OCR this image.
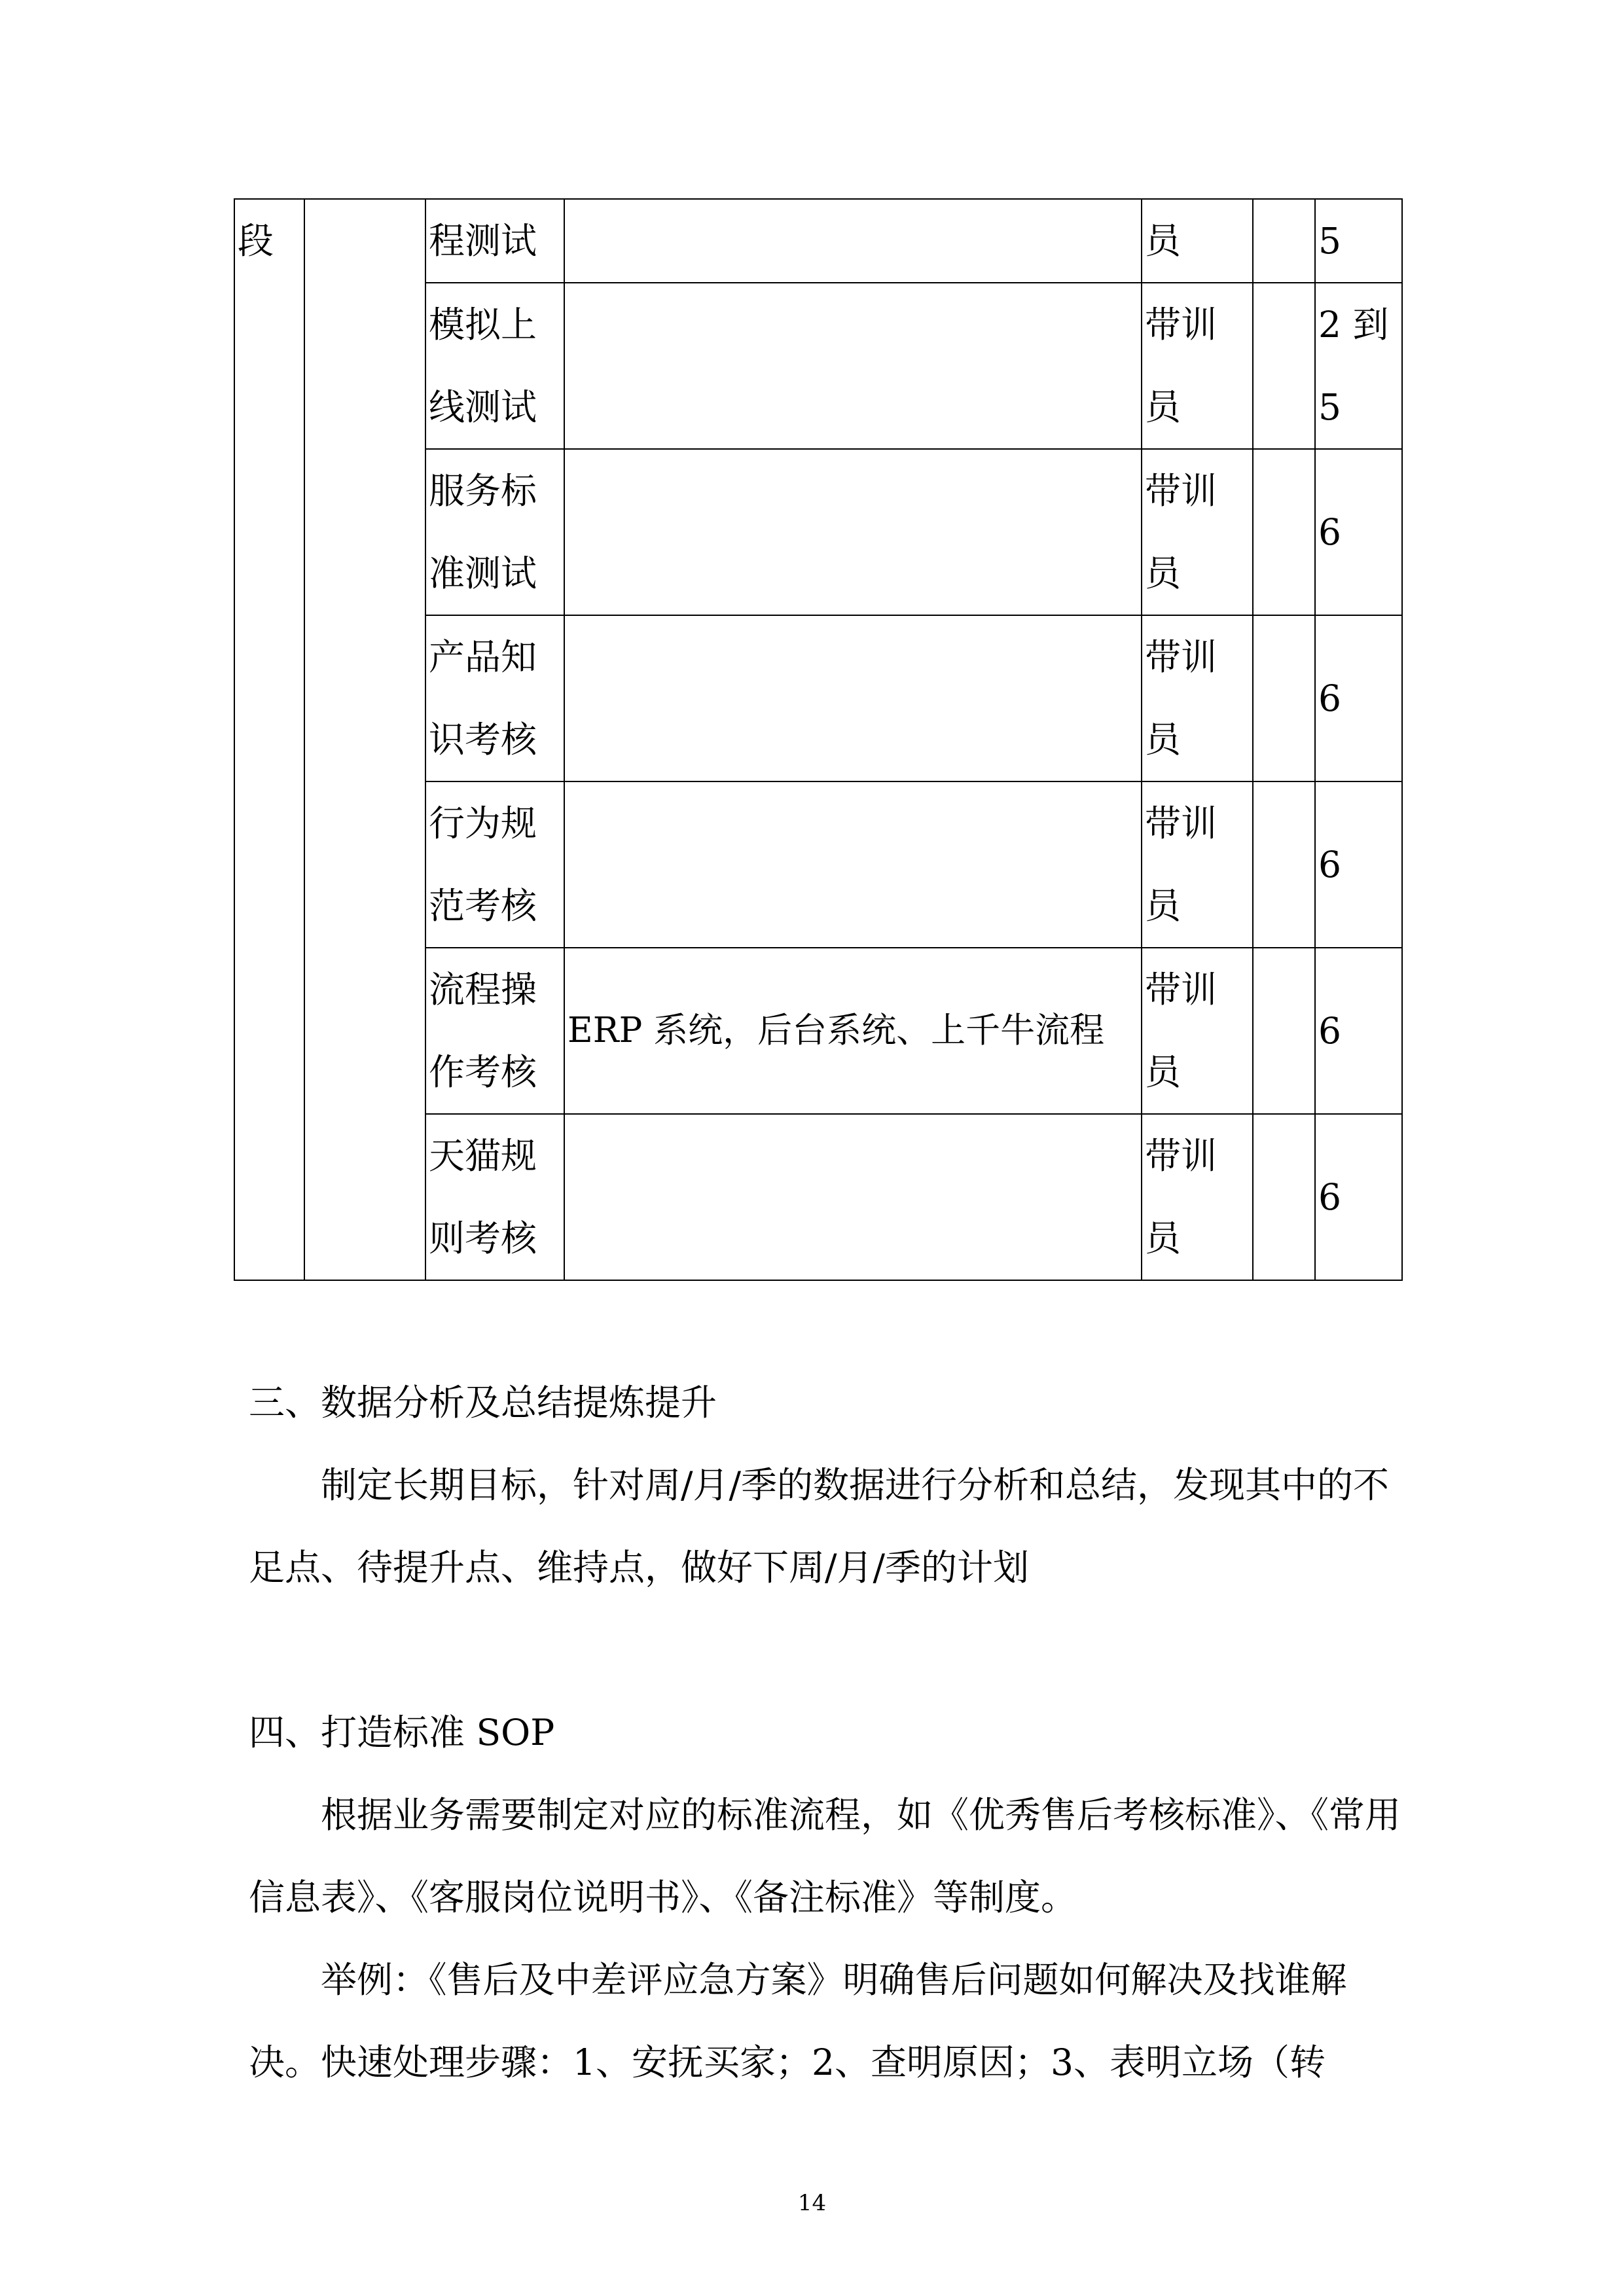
段		程测试		员		5
		模拟上线测试		带训员		2 到 5
		服务标准测试		带训员		6
		产品知识考核		带训员		6
		行为规范考核		带训员		6
		流程操作考核	ERP 系统，后台系统、上千牛流程	带训员		6
		天猫规则考核		带训员		6
三、数据分析及总结提炼提升
制定长期目标，针对周/月/季的数据进行分析和总结，发现其中的不足点、待提升点、维持点，做好下周/月/季的计划
四、打造标准 SOP
根据业务需要制定对应的标准流程，如《优秀售后考核标准》、《常用信息表》、《客服岗位说明书》、《备注标准》等制度。
举例：《售后及中差评应急方案》明确售后问题如何解决及找谁解决。快速处理步骤：1、安抚买家；2、查明原因；3、表明立场（转
14
